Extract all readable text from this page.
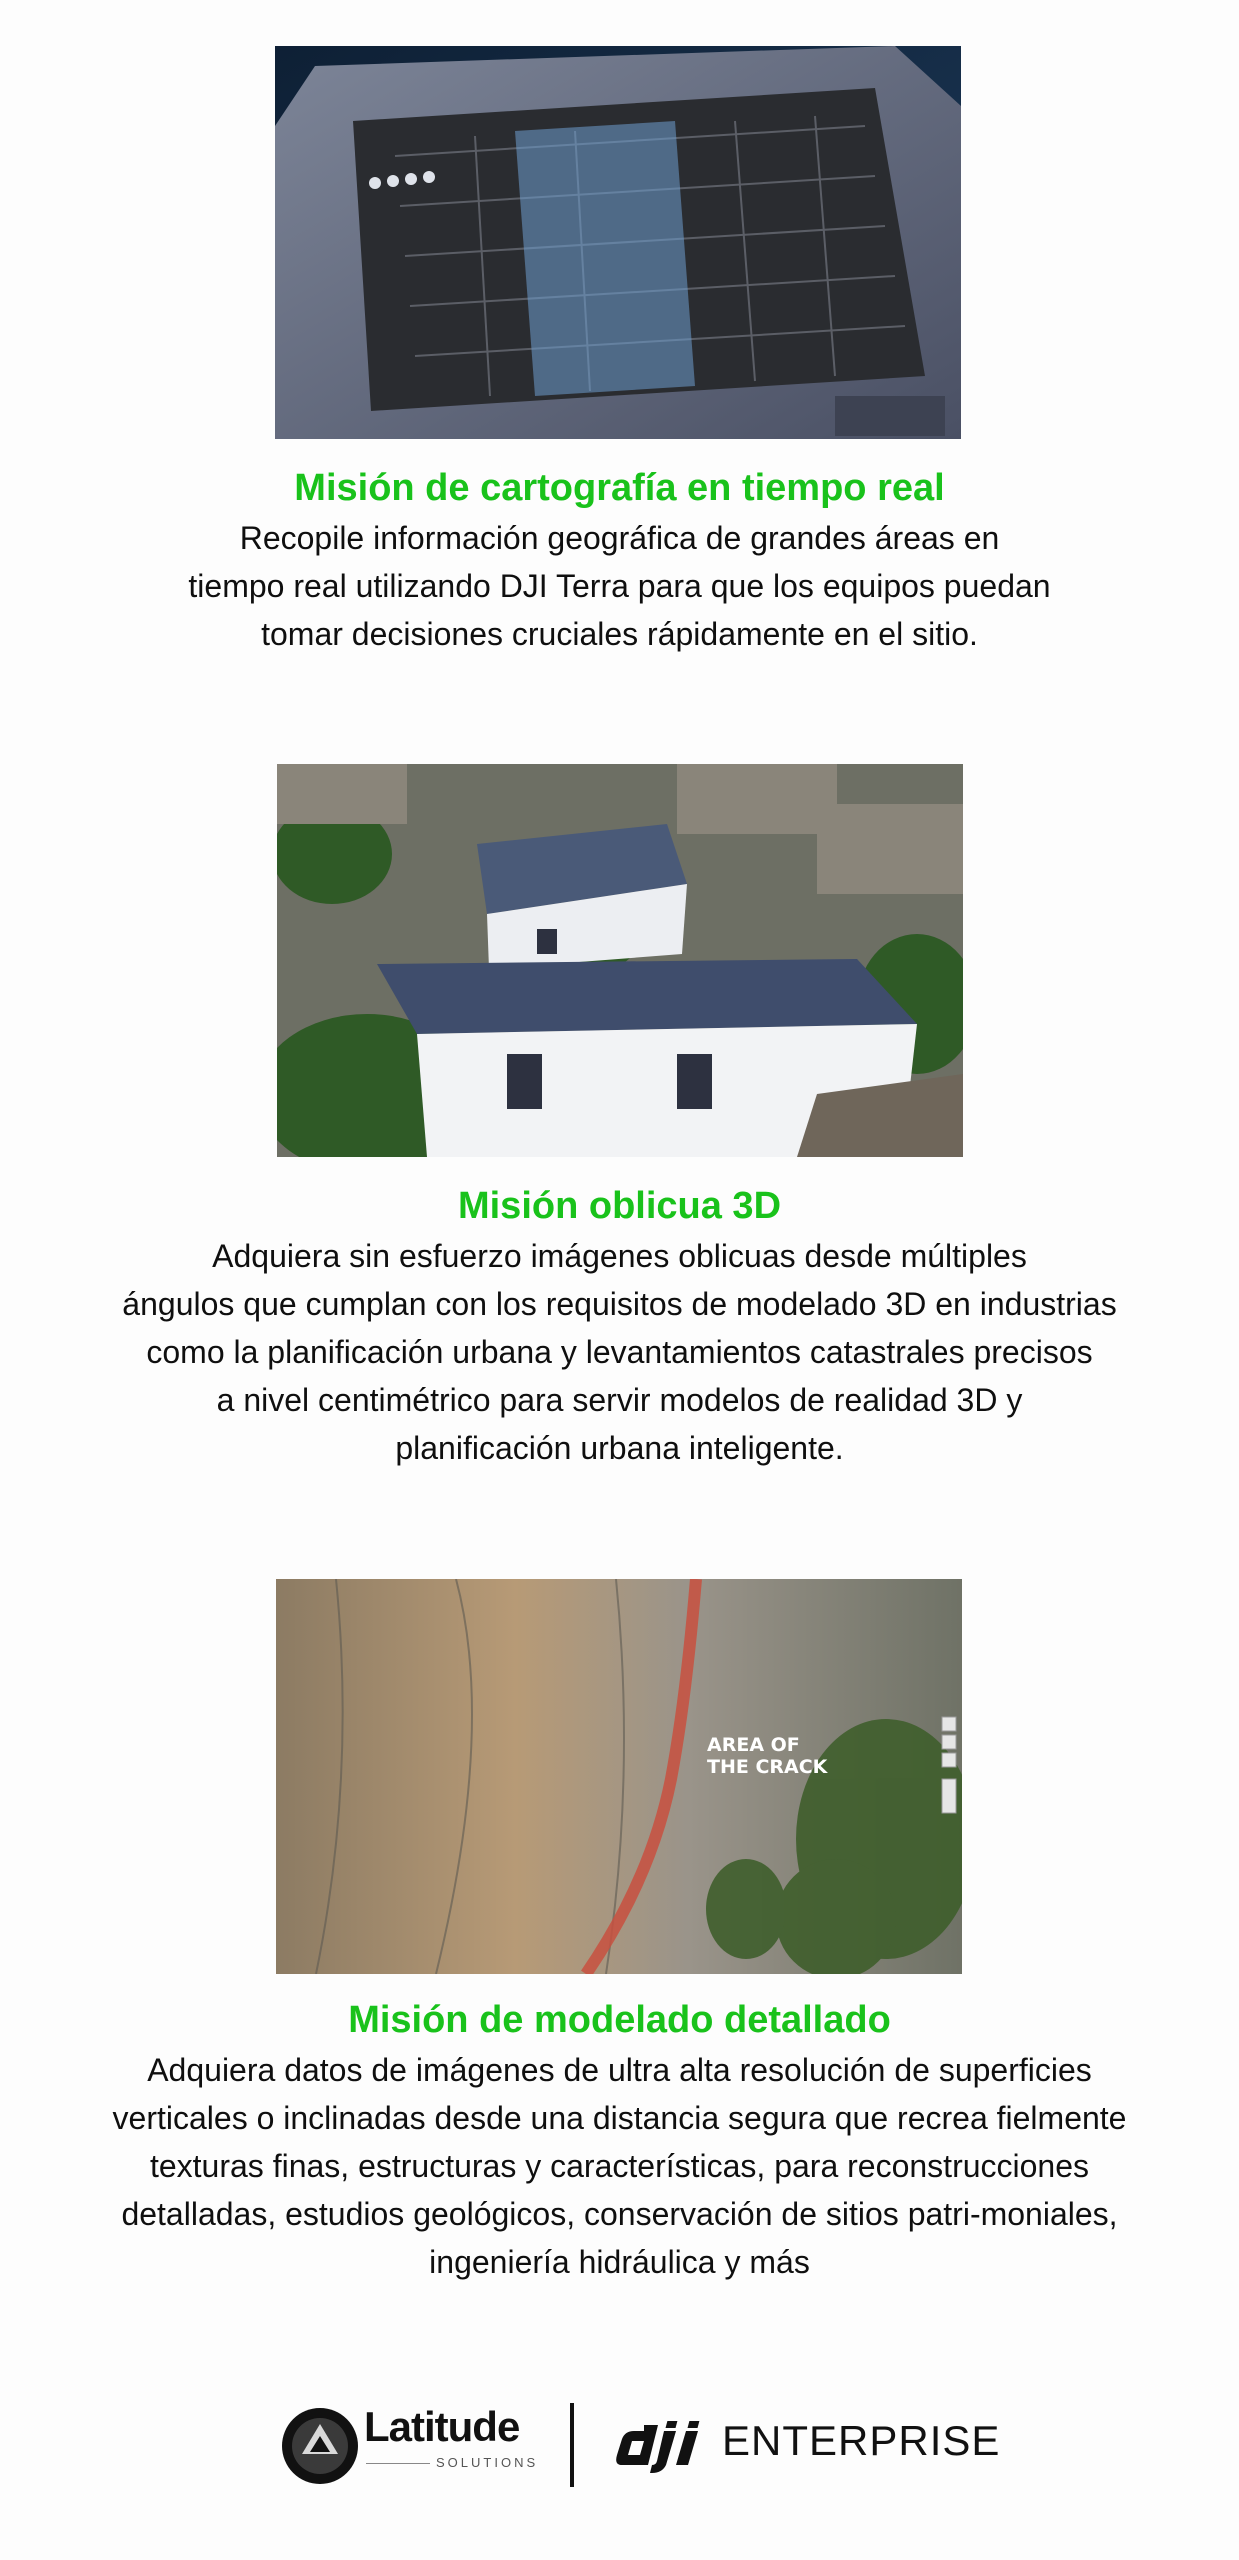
Misión de cartografía en tiempo real
Recopile información geográfica de grandes áreas en
tiempo real utilizando DJI Terra para que los equipos puedan
tomar decisiones cruciales rápidamente en el sitio.
Misión oblicua 3D
Adquiera sin esfuerzo imágenes oblicuas desde múltiples
ángulos que cumplan con los requisitos de modelado 3D en industrias
como la planificación urbana y levantamientos catastrales precisos
a nivel centimétrico para servir modelos de realidad 3D y
planificación urbana inteligente.
AREA OF
THE CRACK
Misión de modelado detallado
Adquiera datos de imágenes de ultra alta resolución de superficies
verticales o inclinadas desde una distancia segura que recrea fielmente
texturas finas, estructuras y características, para reconstrucciones
detalladas, estudios geológicos, conservación de sitios patri-moniales,
ingeniería hidráulica y más
Latitude
SOLUTIONS	ENTERPRISE
